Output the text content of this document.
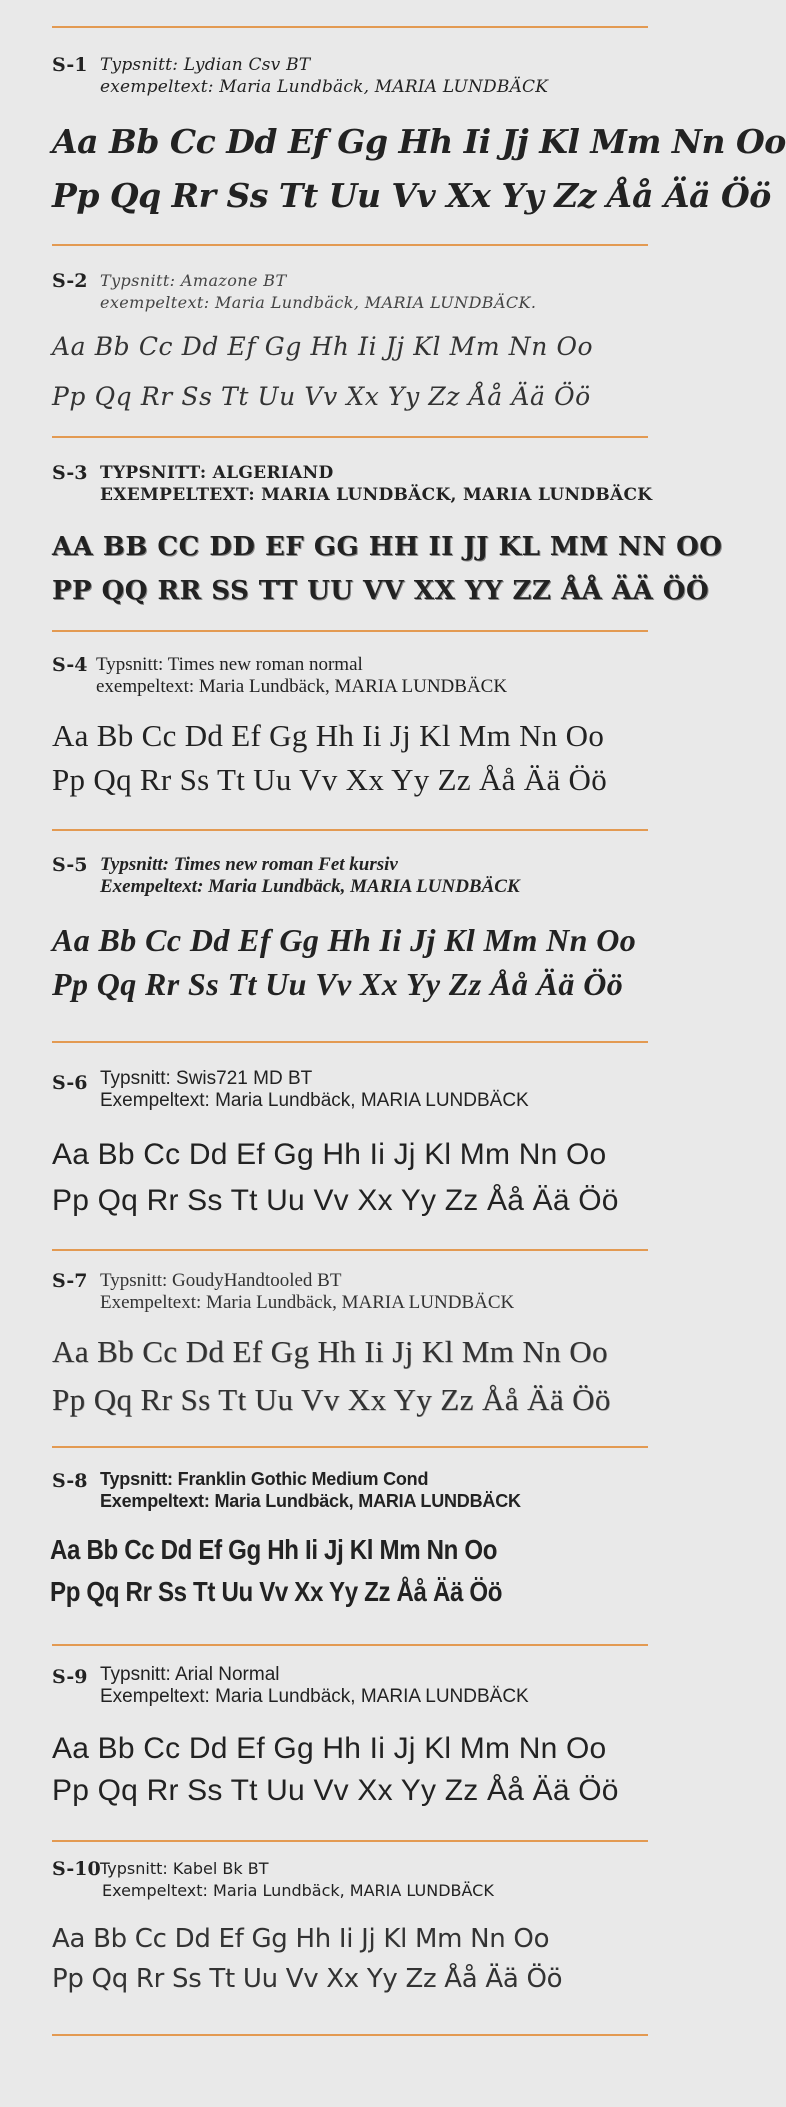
S-1 Typsnitt: Lydian Csv BT
exempeltext: Maria Lundbäck, MARIA LUNDBÄCK
Aa Bb Cc Dd Ef Gg Hh Ii Jj Kl Mm Nn Oo
Pp Qq Rr Ss Tt Uu Vv Xx Yy Zz Åå Ää Öö
S-2 Typsnitt: Amazone BT
exempeltext: Maria Lundbäck, MARIA LUNDBÄCK.
Aa Bb Cc Dd Ef Gg Hh Ii Jj Kl Mm Nn Oo
Pp Qq Rr Ss Tt Uu Vv Xx Yy Zz Åå Ää Öö
S-3 TYPSNITT: ALGERIAND
EXEMPELTEXT: MARIA LUNDBÄCK, MARIA LUNDBÄCK
AA BB CC DD EF GG HH II JJ KL MM NN OO
PP QQ RR SS TT UU VV XX YY ZZ ÅÅ ÄÄ ÖÖ
S-4 Typsnitt: Times new roman normal
exempeltext: Maria Lundbäck, MARIA LUNDBÄCK
Aa Bb Cc Dd Ef Gg Hh Ii Jj Kl Mm Nn Oo
Pp Qq Rr Ss Tt Uu Vv Xx Yy Zz Åå Ää Öö
S-5 Typsnitt: Times new roman Fet kursiv
Exempeltext: Maria Lundbäck, MARIA LUNDBÄCK
Aa Bb Cc Dd Ef Gg Hh Ii Jj Kl Mm Nn Oo
Pp Qq Rr Ss Tt Uu Vv Xx Yy Zz Åå Ää Öö
S-6 Typsnitt: Swis721 MD BT
Exempeltext: Maria Lundbäck, MARIA LUNDBÄCK
Aa Bb Cc Dd Ef Gg Hh Ii Jj Kl Mm Nn Oo
Pp Qq Rr Ss Tt Uu Vv Xx Yy Zz Åå Ää Öö
S-7 Typsnitt: GoudyHandtooled BT
Exempeltext: Maria Lundbäck, MARIA LUNDBÄCK
Aa Bb Cc Dd Ef Gg Hh Ii Jj Kl Mm Nn Oo
Pp Qq Rr Ss Tt Uu Vv Xx Yy Zz Åå Ää Öö
S-8 Typsnitt: Franklin Gothic Medium Cond
Exempeltext: Maria Lundbäck, MARIA LUNDBÄCK
Aa Bb Cc Dd Ef Gg Hh Ii Jj Kl Mm Nn Oo
Pp Qq Rr Ss Tt Uu Vv Xx Yy Zz Åå Ää Öö
S-9 Typsnitt: Arial Normal
Exempeltext: Maria Lundbäck, MARIA LUNDBÄCK
Aa Bb Cc Dd Ef Gg Hh Ii Jj Kl Mm Nn Oo
Pp Qq Rr Ss Tt Uu Vv Xx Yy Zz Åå Ää Öö
S-10 Typsnitt: Kabel Bk BT
Exempeltext: Maria Lundbäck, MARIA LUNDBÄCK
Aa Bb Cc Dd Ef Gg Hh Ii Jj Kl Mm Nn Oo
Pp Qq Rr Ss Tt Uu Vv Xx Yy Zz Åå Ää Öö
